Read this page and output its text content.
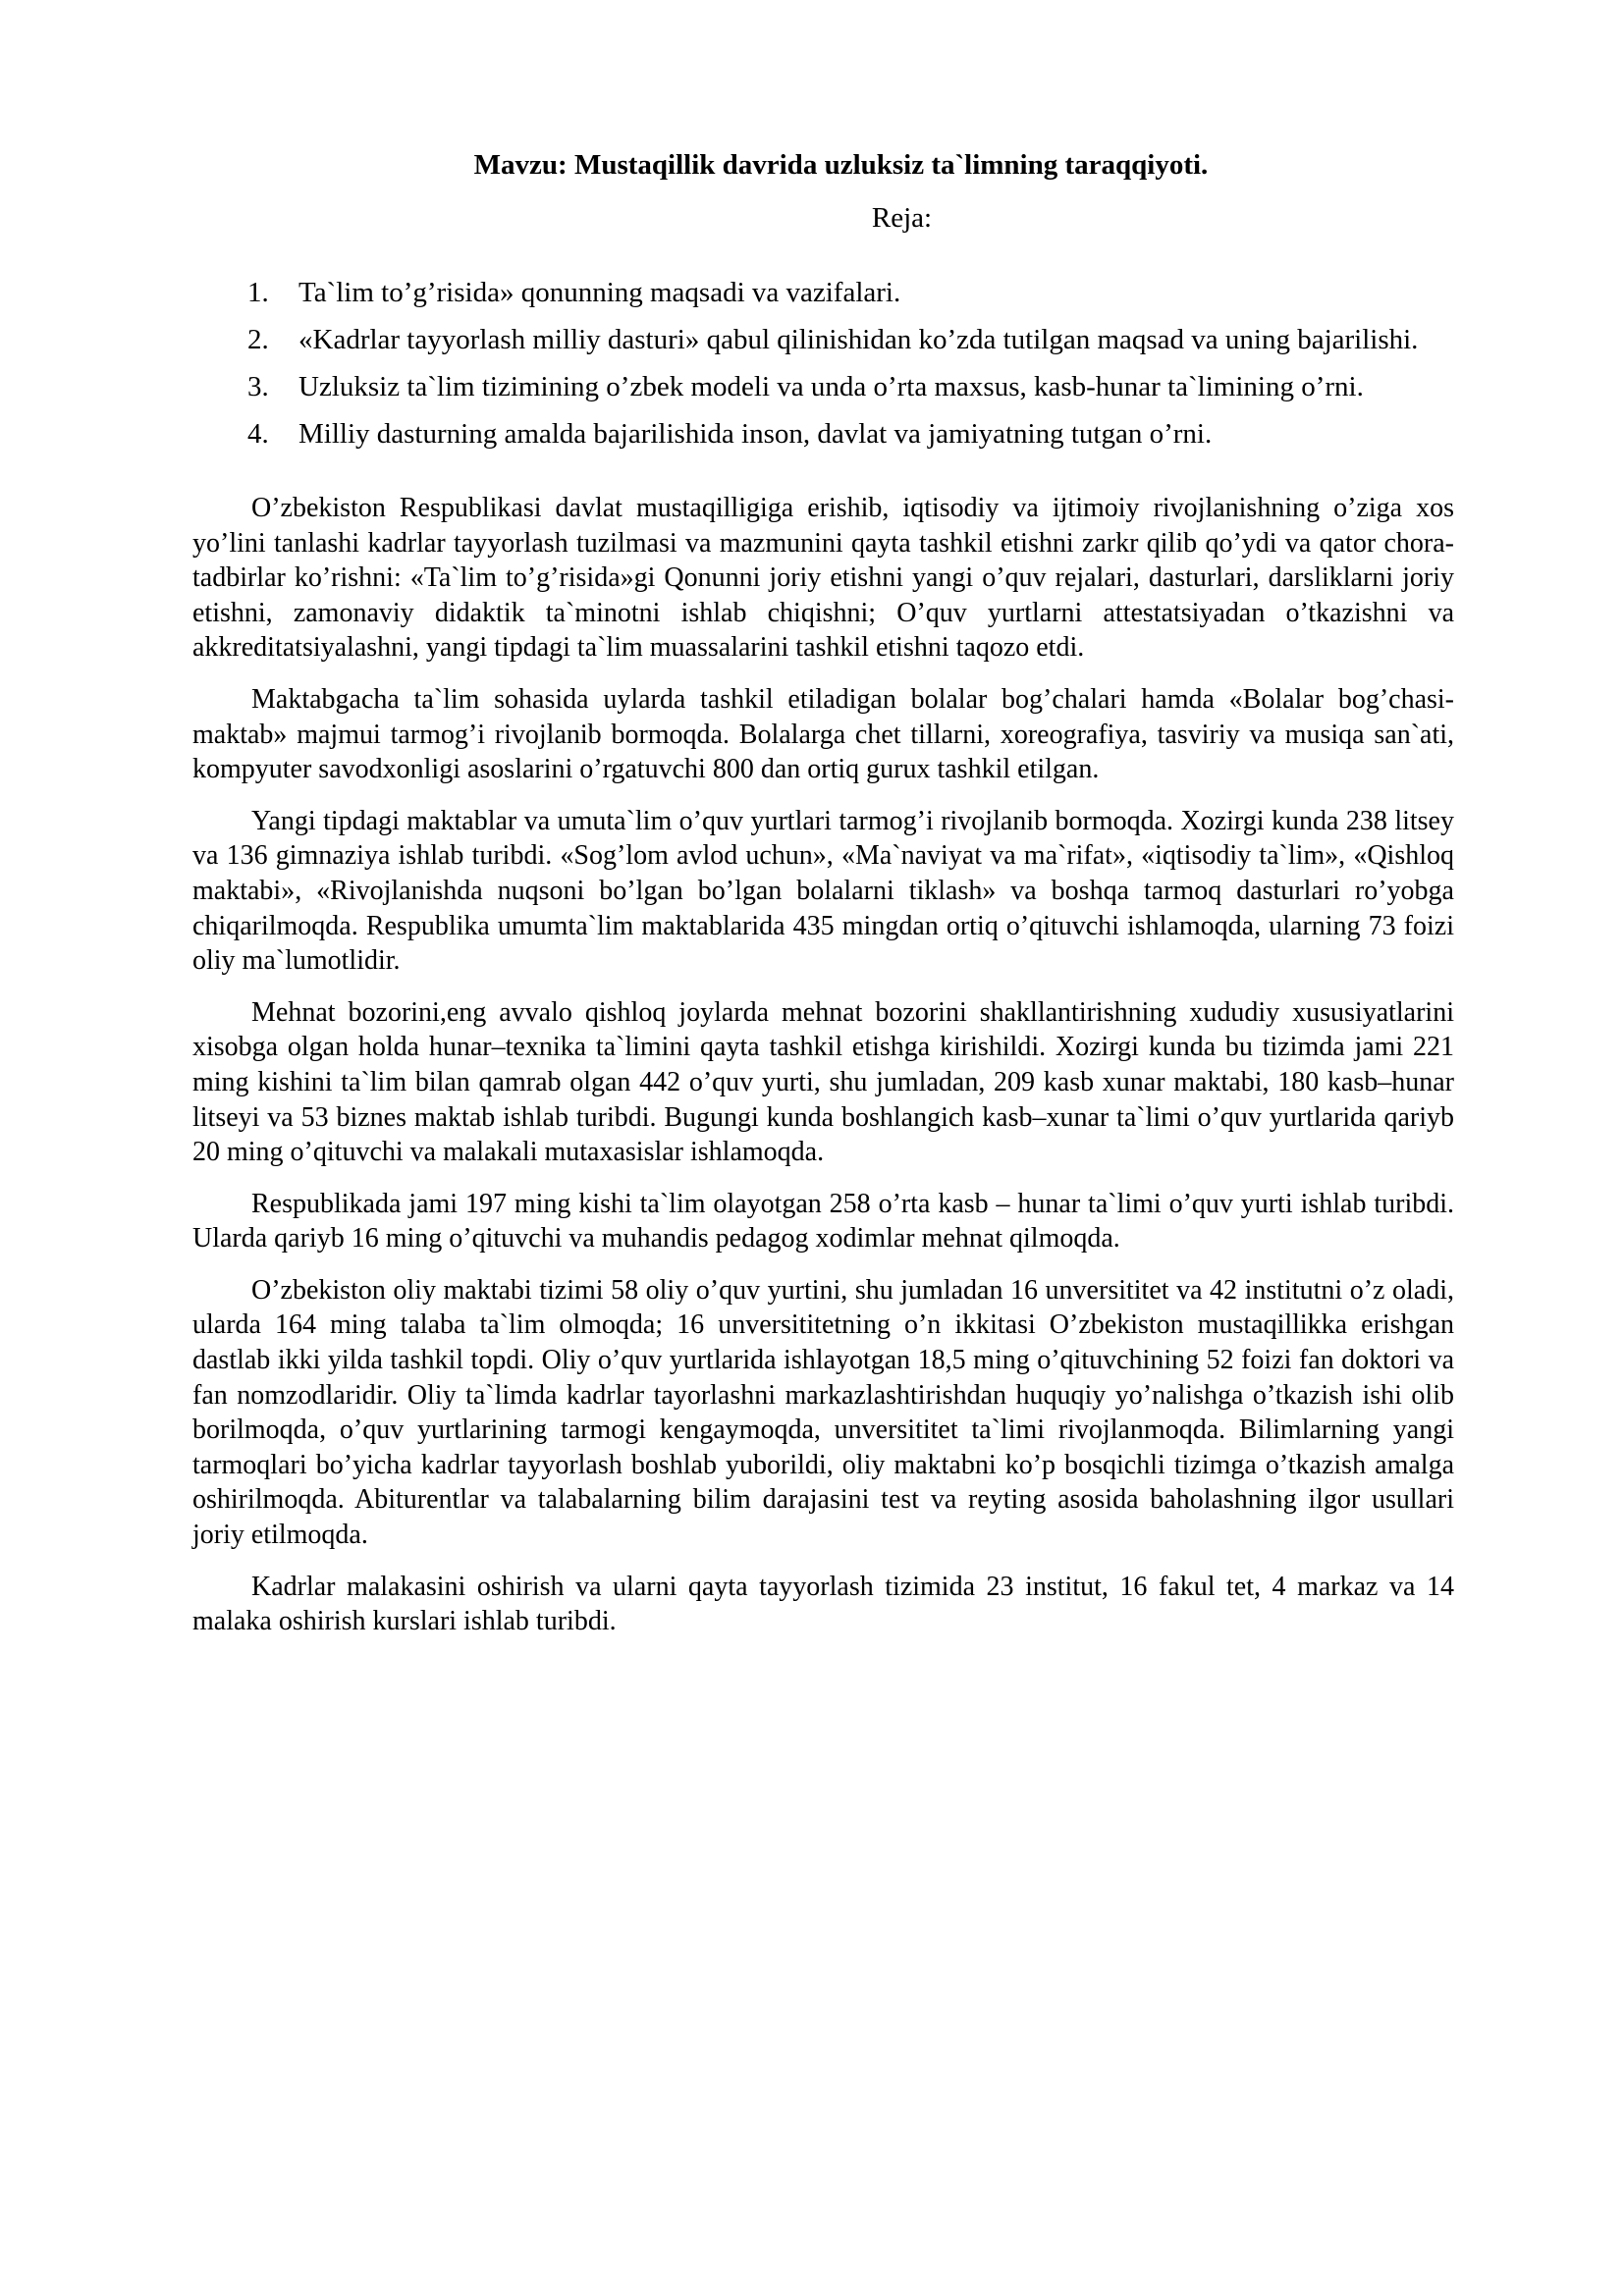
Mavzu: Mustaqillik davrida uzluksiz ta`limning taraqqiyoti.
Reja:
1. Ta`lim to’g’risida» qonunning maqsadi va vazifalari.
2. «Kadrlar tayyorlash milliy dasturi» qabul qilinishidan ko’zda tutilgan maqsad va uning bajarilishi.
3. Uzluksiz ta`lim tizimining o’zbek modeli va unda o’rta maxsus, kasb-hunar ta`limining o’rni.
4. Milliy dasturning amalda bajarilishida inson, davlat va jamiyatning tutgan o’rni.

O’zbekiston Respublikasi davlat mustaqilligiga erishib, iqtisodiy va ijtimoiy rivojlanishning o’ziga xos yo’lini tanlashi kadrlar tayyorlash tuzilmasi va mazmunini qayta tashkil etishni zarkr qilib qo’ydi va qator chora-tadbirlar ko’rishni: «Ta`lim to’g’risida»gi Qonunni joriy etishni yangi o’quv rejalari, dasturlari, darsliklarni joriy etishni, zamonaviy didaktik ta`minotni ishlab chiqishni; O’quv yurtlarni attestatsiyadan o’tkazishni va akkreditatsiyalashni, yangi tipdagi ta`lim muassalarini tashkil etishni taqozo etdi.

Maktabgacha ta`lim sohasida uylarda tashkil etiladigan bolalar bog’chalari hamda «Bolalar bog’chasi-maktab» majmui tarmog’i rivojlanib bormoqda. Bolalarga chet tillarni, xoreografiya, tasviriy va musiqa san`ati, kompyuter savodxonligi asoslarini o’rgatuvchi 800 dan ortiq gurux tashkil etilgan.

Yangi tipdagi maktablar va umuta`lim o’quv yurtlari tarmog’i rivojlanib bormoqda. Xozirgi kunda 238 litsey va 136 gimnaziya ishlab turibdi. «Sog’lom avlod uchun», «Ma`naviyat va ma`rifat», «iqtisodiy ta`lim», «Qishloq maktabi», «Rivojlanishda nuqsoni bo’lgan bo’lgan bolalarni tiklash» va boshqa tarmoq dasturlari ro’yobga chiqarilmoqda. Respublika umumta`lim maktablarida 435 mingdan ortiq o’qituvchi ishlamoqda, ularning 73 foizi oliy ma`lumotlidir.

Mehnat bozorini,eng avvalo qishloq joylarda mehnat bozorini shakllantirishning xududiy xususiyatlarini xisobga olgan holda hunar–texnika ta`limini qayta tashkil etishga kirishildi. Xozirgi kunda bu tizimda jami 221 ming kishini ta`lim bilan qamrab olgan 442 o’quv yurti, shu jumladan, 209 kasb xunar maktabi, 180 kasb–hunar litseyi va 53 biznes maktab ishlab turibdi. Bugungi kunda boshlangich kasb–xunar ta`limi o’quv yurtlarida qariyb 20 ming o’qituvchi va malakali mutaxasislar ishlamoqda.

Respublikada jami 197 ming kishi ta`lim olayotgan 258 o’rta kasb – hunar ta`limi o’quv yurti ishlab turibdi. Ularda qariyb 16 ming o’qituvchi va muhandis pedagog xodimlar mehnat qilmoqda.

O’zbekiston oliy maktabi tizimi 58 oliy o’quv yurtini, shu jumladan 16 unversititet va 42 institutni o’z oladi, ularda 164 ming talaba ta`lim olmoqda; 16 unversititetning o’n ikkitasi O’zbekiston mustaqillikka erishgan dastlab ikki yilda tashkil topdi. Oliy o’quv yurtlarida ishlayotgan 18,5 ming o’qituvchining 52 foizi fan doktori va fan nomzodlaridir. Oliy ta`limda kadrlar tayorlashni markazlashtirishdan huquqiy yo’nalishga o’tkazish ishi olib borilmoqda, o’quv yurtlarining tarmogi kengaymoqda, unversititet ta`limi rivojlanmoqda. Bilimlarning yangi tarmoqlari bo’yicha kadrlar tayyorlash boshlab yuborildi, oliy maktabni ko’p bosqichli tizimga o’tkazish amalga oshirilmoqda. Abiturentlar va talabalarning bilim darajasini test va reyting asosida baholashning ilgor usullari joriy etilmoqda.

Kadrlar malakasini oshirish va ularni qayta tayyorlash tizimida 23 institut, 16 fakul tet, 4 markaz va 14 malaka oshirish kurslari ishlab turibdi.
